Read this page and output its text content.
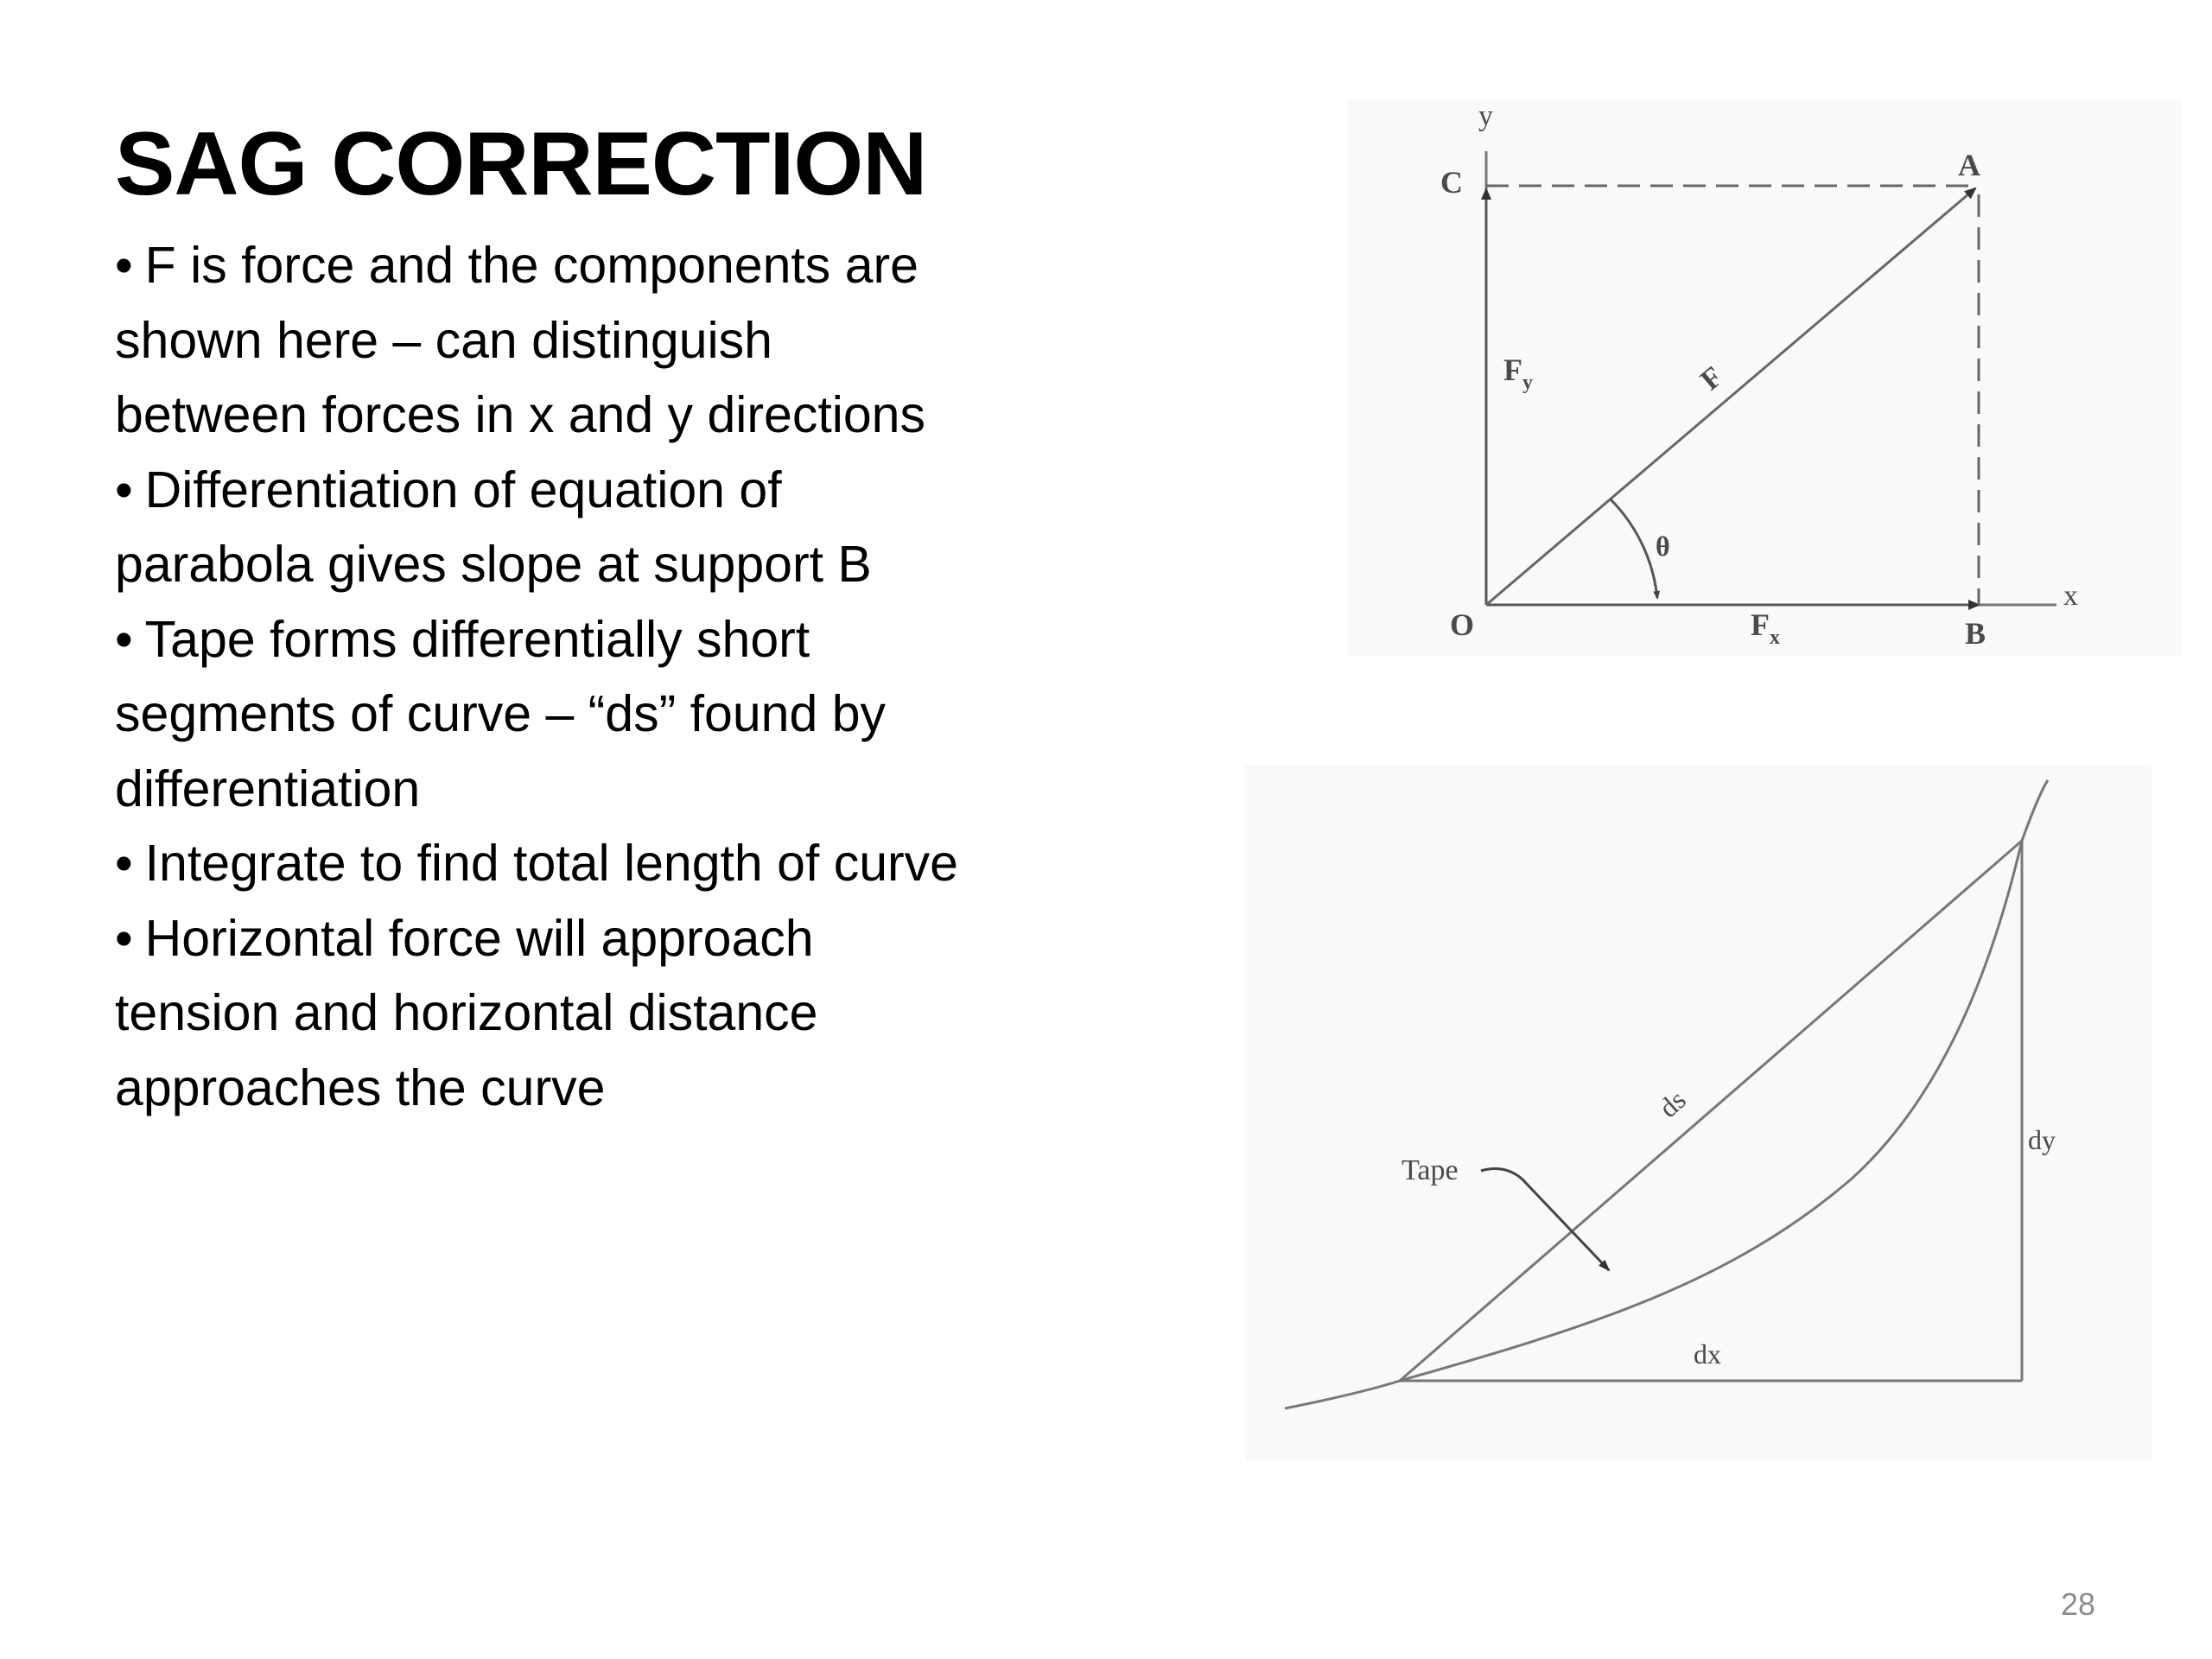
SAG CORRECTION
• F is force and the components are shown here – can distinguish between forces in x and y directions
• Differentiation of equation of parabola gives slope at support B
• Tape forms differentially short segments of curve – “ds” found by differentiation
• Integrate to find total length of curve
• Horizontal force will approach tension and horizontal distance approaches the curve
y
x
C	A
O	B
$F_y$
$F_x$
F
θ
Tape
ds
dy
dx
28
